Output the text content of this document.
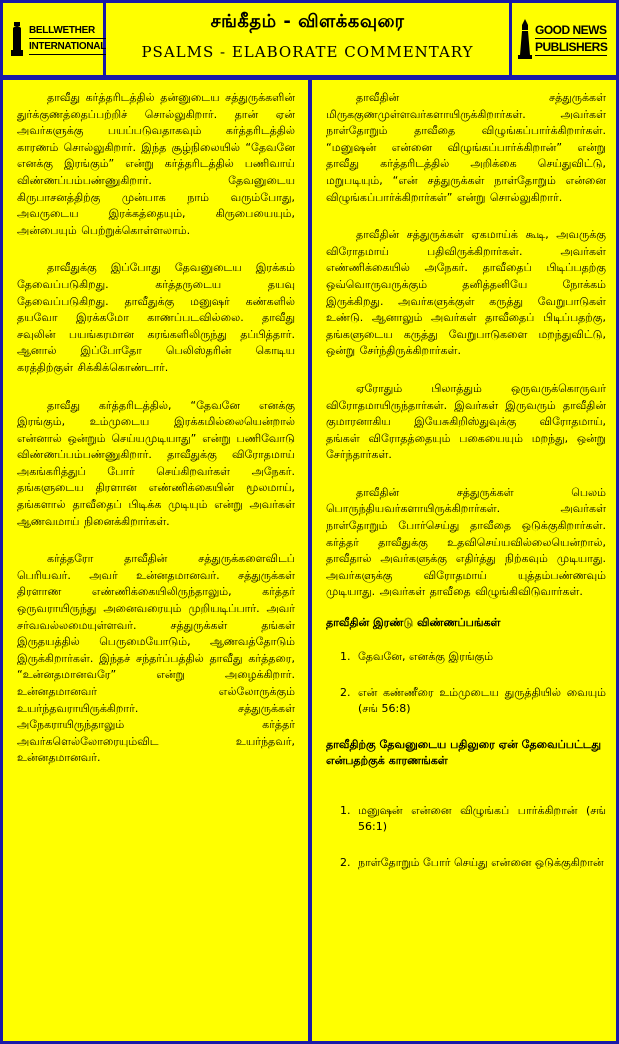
BELLWETHER
INTERNATIONAL
சங்கீதம் - விளக்கவுரை
PSALMS - ELABORATE COMMENTARY
GOOD NEWS
PUBLISHERS

தாவீது கர்த்தரிடத்தில் தன்னுடைய சத்துருக்களின் துர்க்குணத்தைப்பற்றிச் சொல்லுகிறார். தான் ஏன் அவர்களுக்கு பயப்படுவதாகவும் கர்த்தரிடத்தில் காரணம் சொல்லுகிறார். இந்த சூழ்நிலையில் “தேவனே எனக்கு இரங்கும்” என்று கர்த்தரிடத்தில் பணிவாய் விண்ணப்பம்பண்ணுகிறார். தேவனுடைய கிருபாசனத்திற்கு முன்பாக நாம் வரும்போது, அவருடைய இரக்கத்தையும், கிருபையையும், அன்பையும் பெற்றுக்கொள்ளலாம்.

தாவீதுக்கு இப்போது தேவனுடைய இரக்கம் தேவைப்படுகிறது. கர்த்தருடைய தயவு தேவைப்படுகிறது. தாவீதுக்கு மனுஷர் கண்களில் தயவோ இரக்கமோ காணப்படவில்லை. தாவீது சவுலின் பயங்கரமான கரங்களிலிருந்து தப்பித்தார். ஆனால் இப்போதோ பெலிஸ்தரின் கொடிய கரத்திற்குள் சிக்கிக்கொண்டார்.

தாவீது கர்த்தரிடத்தில், “தேவனே எனக்கு இரங்கும், உம்முடைய இரக்கமில்லையென்றால் என்னால் ஒன்றும் செய்யமுடியாது” என்று பணிவோடு விண்ணப்பம்பண்ணுகிறார். தாவீதுக்கு விரோதமாய் அகங்கரித்துப் போர் செய்கிறவர்கள் அநேகர். தங்களுடைய திரளான எண்ணிக்கையின் மூலமாய், தங்களால் தாவீதைப் பிடிக்க முடியும் என்று அவர்கள் ஆணவமாய் நினைக்கிறார்கள்.

கர்த்தரோ தாவீதின் சத்துருக்களைவிடப் பெரியவர். அவர் உன்னதமானவர். சத்துருக்கள் திரளாண எண்ணிக்கையிலிருந்தாலும், கர்த்தர் ஒருவராயிருந்து அனைவரையும் முறியடிப்பார். அவர் சர்வவல்லமையுள்ளவர். சத்துருக்கள் தங்கள் இருதயத்தில் பெருமையோடும், ஆணவத்தோடும் இருக்கிறார்கள். இந்தச் சந்தர்ப்பத்தில் தாவீது கர்த்தரை, “உன்னதமானவரே” என்று அழைக்கிறார். உன்னதமானவர் எல்லோருக்கும் உயர்ந்தவராயிருக்கிறார். சத்துருக்கள் அநேகராயிருந்தாலும் கர்த்தர் அவர்களெல்லோரையும்விட உயர்ந்தவர், உன்னதமானவர்.

தாவீதின் சத்துருக்கள் மிருககுணமுள்ளவர்களாயிருக்கிறார்கள். அவர்கள் நாள்தோறும் தாவீதை விழுங்கப்பார்க்கிறார்கள். “மனுஷன் என்னை விழுங்கப்பார்க்கிறான்” என்று தாவீது கர்த்தரிடத்தில் அறிக்கை செய்துவிட்டு, மறுபடியும், “என் சத்துருக்கள் நாள்தோறும் என்னை விழுங்கப்பார்க்கிறார்கள்” என்று சொல்லுகிறார்.

தாவீதின் சத்துருக்கள் ஏகமாய்க் கூடி, அவருக்கு விரோதமாய் பதிவிருக்கிறார்கள். அவர்கள் எண்ணிக்கையில் அநேகர். தாவீதைப் பிடிப்பதற்கு ஒவ்வொருவருக்கும் தனித்தனியே நோக்கம் இருக்கிறது. அவர்களுக்குள் கருத்து வேறுபாடுகள் உண்டு. ஆனாலும் அவர்கள் தாவீதைப் பிடிப்பதற்கு, தங்களுடைய கருத்து வேறுபாடுகளை மறந்துவிட்டு, ஒன்று சேர்ந்திருக்கிறார்கள்.

ஏரோதும் பிலாத்தும் ஒருவருக்கொருவர் விரோதமாயிருந்தார்கள். இவர்கள் இருவரும் தாவீதின் குமாரனாகிய இயேசுகிறிஸ்துவுக்கு விரோதமாய், தங்கள் விரோதத்தையும் பகையையும் மறந்து, ஒன்று சேர்ந்தார்கள்.

தாவீதின் சத்துருக்கள் பெலம் பொருந்தியவர்களாயிருக்கிறார்கள். அவர்கள் நாள்தோறும் போர்செய்து தாவீதை ஒடுக்குகிறார்கள். கர்த்தர் தாவீதுக்கு உதவிசெய்யவில்லையென்றால், தாவீதால் அவர்களுக்கு எதிர்த்து நிற்கவும் முடியாது. அவர்களுக்கு விரோதமாய் யுத்தம்பண்ணவும் முடியாது. அவர்கள் தாவீதை விழுங்கிவிடுவார்கள்.

தாவீதின் இரண்டு விண்ணப்பங்கள்
1. தேவனே, எனக்கு இரங்கும்
2. என் கண்ணீரை உம்முடைய துருத்தியில் வையும் (சங் 56:8)
தாவீதிற்கு தேவனுடைய பதிலுரை ஏன் தேவைப்பட்டது என்பதற்குக் காரணங்கள்
1. மனுஷன் என்னை விழுங்கப் பார்க்கிறான் (சங் 56:1)
2. நாள்தோறும் போர் செய்து என்னை ஒடுக்குகிறான்
